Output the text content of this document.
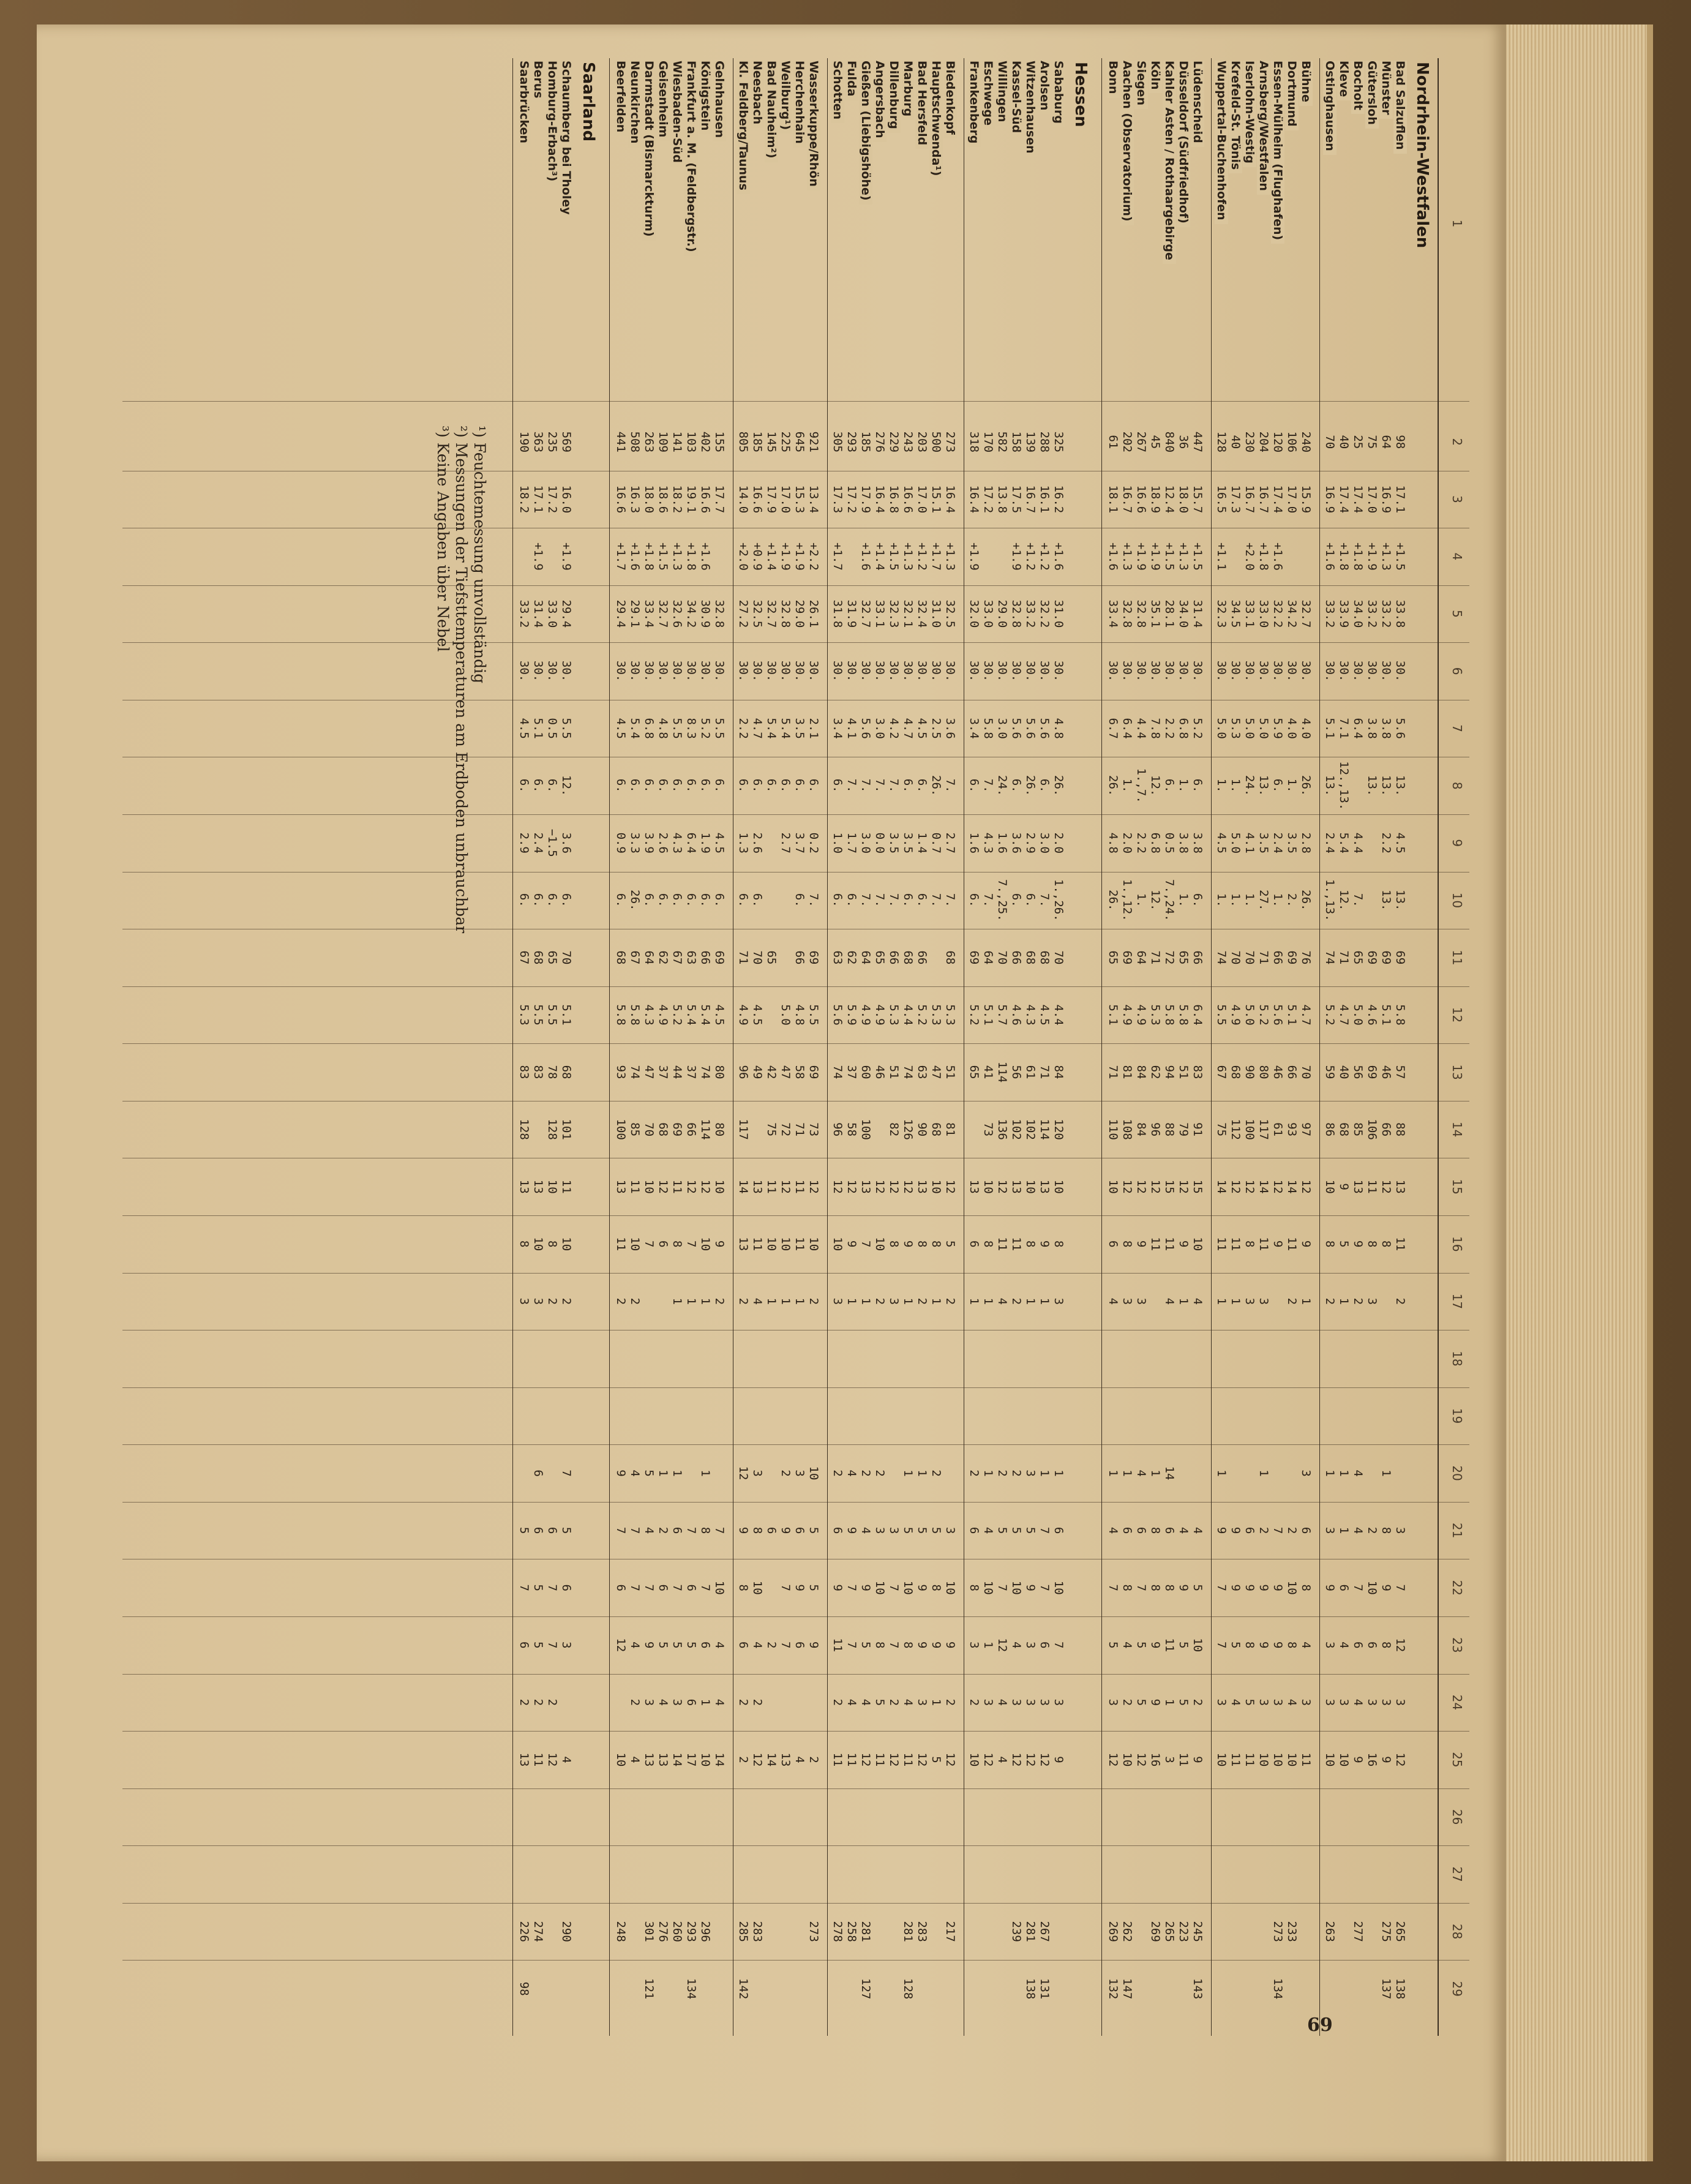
1
2
3
4
5
6
7
8
9
10
11
12
13
14
15
16
17
18
19
20
21
22
23
24
25
26
27
28
29
Nordrhein-Westfalen
Bad Salzuflen
98
17.1
+1.5
33.8
30.
5.6
13.
4.5
13.
69
5.8
57
88
13
11
2
3
7
12
3
12
265
138
Münster
64
16.9
+1.3
33.2
30.
3.8
13.
2.2
13.
69
5.1
46
66
12
8
1
8
9
8
3
9
275
137
Gütersloh
75
17.0
+1.9
33.2
30.
3.8
13.
69
4.6
69
106
11
8
3
2
10
6
3
16
Bocholt
25
17.4
+1.8
34.0
30.
6.4
4.4
7.
65
5.0
56
85
13
9
2
4
4
7
6
4
9
277
Kleve
40
17.4
+1.8
33.9
30.
7.1
12.,13.
5.4
12.
71
4.7
40
68
9
5
1
1
1
6
4
3
10
Ostinghausen
70
16.9
+1.6
33.2
30.
5.1
13.
2.4
1.,13.
74
5.2
59
86
10
8
2
1
3
9
3
3
10
263
Bühne
240
15.9
32.7
30.
4.0
26.
2.8
26.
76
4.7
70
97
12
9
1
3
6
8
4
3
11
Dortmund
106
17.0
34.2
30.
4.0
1.
3.5
2.
69
5.1
66
93
14
11
2
2
10
8
4
10
233
Essen-Mülheim (Flughafen)
120
17.4
+1.6
32.2
30.
5.9
6.
2.4
1.
66
5.6
46
61
12
9
7
9
9
3
10
273
134
Arnsberg/Westfalen
204
16.7
+1.8
33.0
30.
5.0
13.
3.5
27.
71
5.2
80
117
14
11
3
1
2
9
9
3
10
Iserlohn-Westig
230
16.7
+2.0
33.1
30.
5.0
24.
4.1
1.
70
5.0
90
100
12
8
3
6
9
8
5
11
Krefeld-St. Tönis
40
17.3
34.5
30.
5.3
1.
5.0
1.
70
4.9
68
112
12
11
1
9
9
5
4
11
Wuppertal-Buchenhofen
128
16.5
+1.1
32.3
30.
5.0
1.
4.5
1.
74
5.5
67
75
14
11
1
1
9
7
7
3
10
Lüdenscheid
447
15.7
+1.5
31.4
30.
5.2
6.
3.8
6.
66
6.4
83
91
15
10
4
4
5
10
2
9
245
143
Düsseldorf (Südfriedhof)
36
18.0
+1.3
34.0
30.
6.8
1.
3.8
1.
65
5.8
51
79
12
9
1
4
9
5
5
11
223
Kahler Asten / Rothaargebirge
840
12.4
+1.5
28.1
30.
2.2
6.
0.5
7.,24.
72
5.8
94
88
15
11
4
14
6
8
11
1
3
265
Köln
45
18.9
+1.9
35.1
30.
7.8
12.
6.8
12.
71
5.3
62
96
12
11
1
8
8
9
9
16
269
Siegen
267
16.6
+1.9
32.8
30.
4.4
1.,7.
2.2
1.
64
4.9
84
84
12
9
3
4
6
7
5
5
12
Aachen (Observatorium)
202
16.7
+1.3
32.8
30.
6.4
1.
2.0
1.,12.
69
4.9
81
108
12
8
3
1
6
8
4
2
10
262
147
Bonn
61
18.1
+1.6
33.4
30.
6.7
26.
4.8
26.
65
5.1
71
110
10
6
4
1
4
7
5
3
12
269
132
Hessen
Sababurg
325
16.2
+1.6
31.0
30.
4.8
26.
2.0
1.,26.
70
4.4
84
120
10
8
3
1
6
10
7
3
9
Arolsen
288
16.1
+1.2
32.2
30.
5.6
6.
3.0
7.
68
4.5
71
114
13
9
1
1
7
7
6
3
12
267
131
Witzenhausen
139
16.7
+1.2
33.2
30.
5.6
26.
2.9
6.
68
4.3
61
102
10
8
1
3
5
9
3
3
12
281
138
Kassel-Süd
158
17.5
+1.9
32.8
30.
5.6
6.
3.6
6.
66
4.6
56
102
13
11
2
2
5
10
4
3
12
239
Willingen
582
13.8
29.0
30.
3.0
24.
1.6
7.,25.
70
5.7
114
136
12
11
4
2
5
7
12
4
4
Eschwege
170
17.2
33.0
30.
5.8
7.
4.3
7.
64
5.1
41
73
10
8
1
1
4
10
1
3
12
Frankenberg
318
16.4
+1.9
32.0
30.
3.4
6.
1.6
6.
69
5.2
65
13
6
1
2
6
8
3
2
10
Biedenkopf
273
16.4
+1.3
32.5
30.
3.6
7.
2.7
7.
68
5.3
51
81
12
5
2
3
10
9
2
12
217
Hauptschwenda¹)
500
15.1
+1.7
31.0
30.
2.5
26.
0.7
7.
5.3
47
68
10
8
1
2
5
8
9
1
5
Bad Hersfeld
203
17.0
+1.2
32.4
30.
4.5
6.
1.4
6.
66
5.2
63
90
13
8
2
1
5
9
9
3
12
283
Marburg
243
16.6
+1.3
32.1
30.
4.7
6.
3.5
6.
68
4.4
74
126
12
9
1
1
5
10
8
4
11
281
128
Dillenburg
229
16.8
+1.5
32.3
30.
4.2
7.
3.5
7.
66
5.3
51
82
12
8
3
3
7
7
2
12
Angersbach
276
16.4
+1.4
33.1
30.
3.0
7.
0.0
7.
65
4.9
46
12
10
2
2
3
10
8
5
11
Gießen (Liebigshöhe)
185
17.9
+1.6
32.7
30.
5.6
7.
3.0
7.
64
4.9
60
100
13
7
1
2
4
9
5
4
12
281
127
Fulda
293
17.2
31.9
30.
4.1
7.
1.7
6.
62
5.9
37
58
12
9
1
4
9
7
7
4
11
258
Schotten
305
17.3
+1.7
31.8
30.
3.4
6.
1.0
6.
63
5.6
74
96
12
10
3
2
6
9
11
2
11
278
Wasserkuppe/Rhön
921
13.4
+2.2
26.1
30.
2.1
6.
0.2
7.
69
5.5
69
73
12
10
2
10
5
5
9
2
273
Herchenhain
645
15.3
+1.9
29.0
30.
3.5
6.
3.7
6.
66
4.8
58
71
11
11
1
3
6
9
6
4
Weilburg¹)
225
17.0
+1.9
32.8
30.
5.4
6.
2.7
5.0
47
72
12
10
1
2
9
7
7
13
Bad Nauheim²)
145
17.9
+1.4
32.7
30.
5.4
6.
65
42
75
11
10
1
6
2
14
Neesbach
185
16.6
+0.9
32.5
30.
4.7
6.
2.6
6.
70
4.5
49
13
11
4
3
8
10
4
2
12
283
Kl. Feldberg/Taunus
805
14.0
+2.0
27.2
30.
2.2
6.
1.3
6.
71
4.9
96
117
14
13
2
12
9
8
6
2
2
285
142
Gelnhausen
155
17.7
32.8
30.
5.5
6.
4.5
6.
69
4.5
80
80
10
9
2
7
10
4
4
14
Königstein
402
16.6
+1.6
30.9
30.
5.2
6.
1.9
6.
66
5.4
74
114
12
10
1
1
8
7
6
1
10
296
Frankfurt a. M. (Feldbergstr.)
103
19.1
+1.8
34.2
30.
8.3
6.
6.4
6.
63
5.4
37
66
12
7
1
7
6
5
6
17
293
134
Wiesbaden-Süd
141
18.2
+1.3
32.6
30.
5.5
6.
4.3
6.
67
5.2
44
69
11
8
1
1
6
7
5
3
14
260
Geisenheim
109
18.6
+1.5
32.7
30.
4.8
6.
2.6
6.
62
4.9
37
68
12
6
1
2
6
5
4
13
276
Darmstadt (Bismarckturm)
263
18.0
+1.8
33.4
30.
6.8
6.
3.9
6.
64
4.3
47
70
10
7
5
4
7
9
3
13
301
121
Neunkirchen
508
16.3
+1.6
29.1
30.
5.4
6.
3.3
26.
67
5.8
74
85
11
10
2
4
7
7
4
2
4
Beerfelden
441
16.6
+1.7
29.4
30.
4.5
6.
0.9
6.
68
5.8
93
100
13
11
2
9
7
6
12
10
248
Saarland
Schaumberg bei Tholey
569
16.0
+1.9
29.4
30.
5.5
12.
3.6
6.
70
5.1
68
101
11
10
2
7
5
6
3
4
290
Homburg-Erbach³)
235
17.2
33.0
30.
0.5
6.
−1.5
6.
65
5.5
78
128
10
8
2
6
7
7
2
12
Berus
363
17.1
+1.9
31.4
30.
5.1
6.
2.4
6.
68
5.5
83
13
10
3
6
6
5
5
2
11
274
Saarbrücken
190
18.2
33.2
30.
4.5
6.
2.9
6.
67
5.3
83
128
13
8
3
5
7
6
2
13
226
98
¹) Feuchtemessung unvollständig
²) Messungen der Tiefsttemperaturen am Erdboden unbrauchbar
³) Keine Angaben über Nebel
69
